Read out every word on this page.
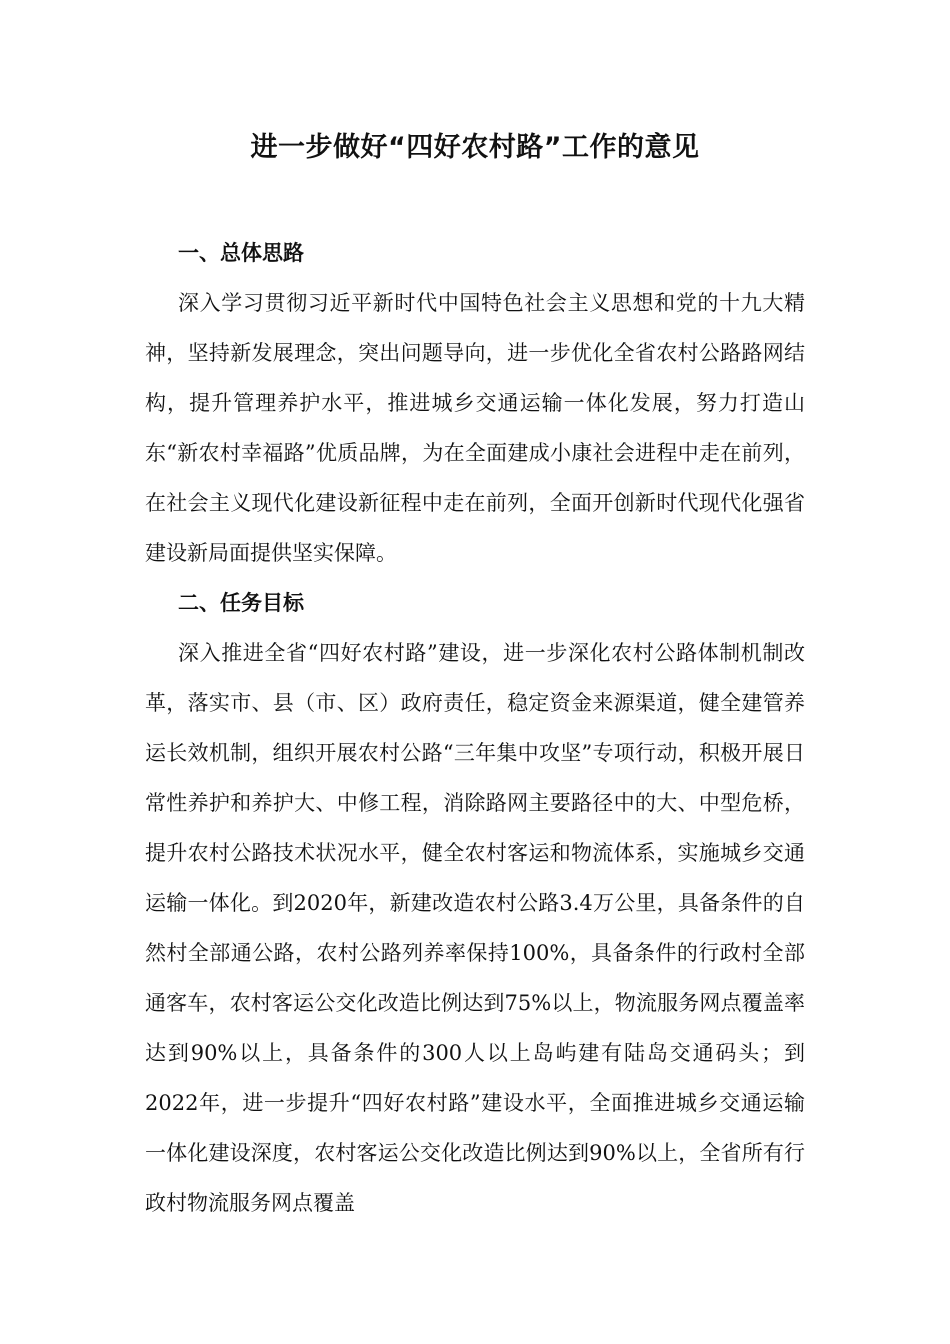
进一步做好“四好农村路”工作的意见
一、总体思路

深入学习贯彻习近平新时代中国特色社会主义思想和党的十九大精神，坚持新发展理念，突出问题导向，进一步优化全省农村公路路网结构，提升管理养护水平，推进城乡交通运输一体化发展，努力打造山东“新农村幸福路”优质品牌，为在全面建成小康社会进程中走在前列，在社会主义现代化建设新征程中走在前列，全面开创新时代现代化强省建设新局面提供坚实保障。

二、任务目标

深入推进全省“四好农村路”建设，进一步深化农村公路体制机制改革，落实市、县（市、区）政府责任，稳定资金来源渠道，健全建管养运长效机制，组织开展农村公路“三年集中攻坚”专项行动，积极开展日常性养护和养护大、中修工程，消除路网主要路径中的大、中型危桥，提升农村公路技术状况水平，健全农村客运和物流体系，实施城乡交通运输一体化。到2020年，新建改造农村公路3.4万公里，具备条件的自然村全部通公路，农村公路列养率保持100%，具备条件的行政村全部通客车，农村客运公交化改造比例达到75%以上，物流服务网点覆盖率达到90%以上，具备条件的300人以上岛屿建有陆岛交通码头；到2022年，进一步提升“四好农村路”建设水平，全面推进城乡交通运输一体化建设深度，农村客运公交化改造比例达到90%以上，全省所有行政村物流服务网点覆盖
